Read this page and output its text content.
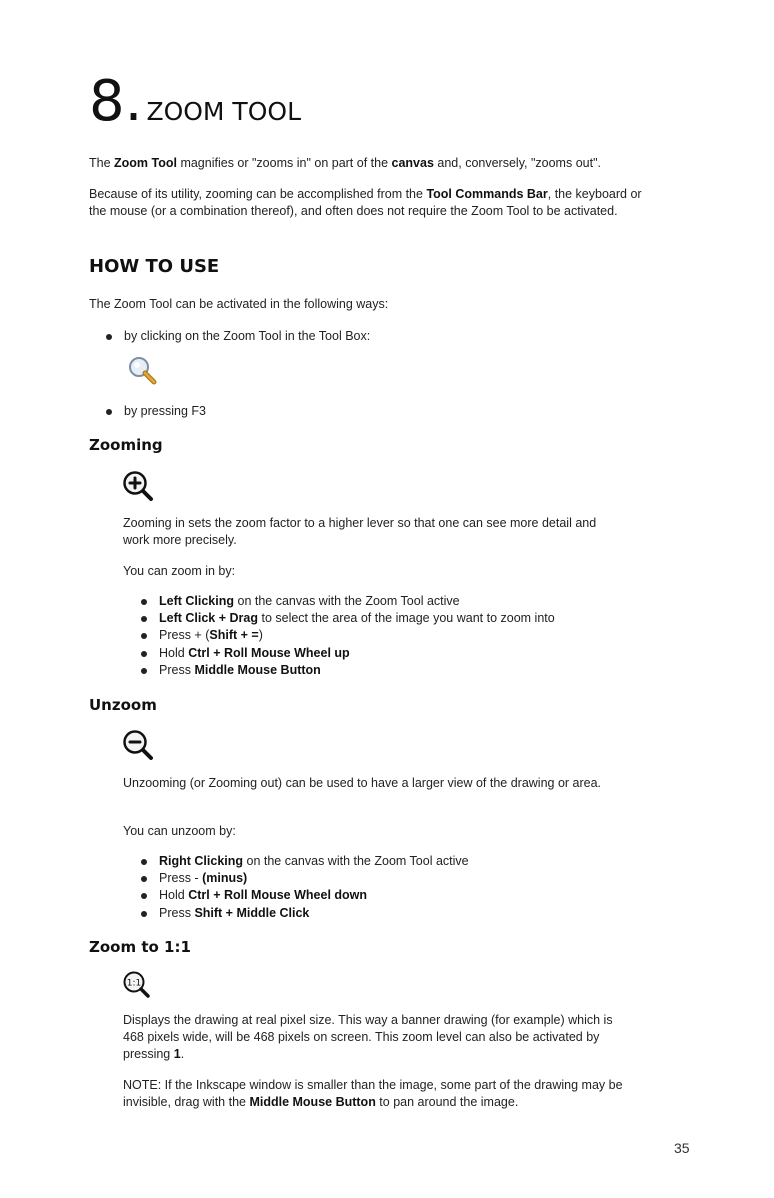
8. ZOOM TOOL

The Zoom Tool magnifies or "zooms in" on part of the canvas and, conversely, "zooms out".

Because of its utility, zooming can be accomplished from the Tool Commands Bar, the keyboard or the mouse (or a combination thereof), and often does not require the Zoom Tool to be activated.

HOW TO USE

The Zoom Tool can be activated in the following ways:

by clicking on the Zoom Tool in the Tool Box:
by pressing F3
Zooming

Zooming in sets the zoom factor to a higher lever so that one can see more detail and work more precisely.

You can zoom in by:

Left Clicking on the canvas with the Zoom Tool active
Left Click + Drag to select the area of the image you want to zoom into
Press + (Shift + =)
Hold Ctrl + Roll Mouse Wheel up
Press Middle Mouse Button
Unzoom

Unzooming (or Zooming out) can be used to have a larger view of the drawing or area.

You can unzoom by:

Right Clicking on the canvas with the Zoom Tool active
Press - (minus)
Hold Ctrl + Roll Mouse Wheel down
Press Shift + Middle Click
Zoom to 1:1
1:1

Displays the drawing at real pixel size. This way a banner drawing (for example) which is 468 pixels wide, will be 468 pixels on screen. This zoom level can also be activated by pressing 1.

NOTE: If the Inkscape window is smaller than the image, some part of the drawing may be invisible, drag with the Middle Mouse Button to pan around the image.

35
